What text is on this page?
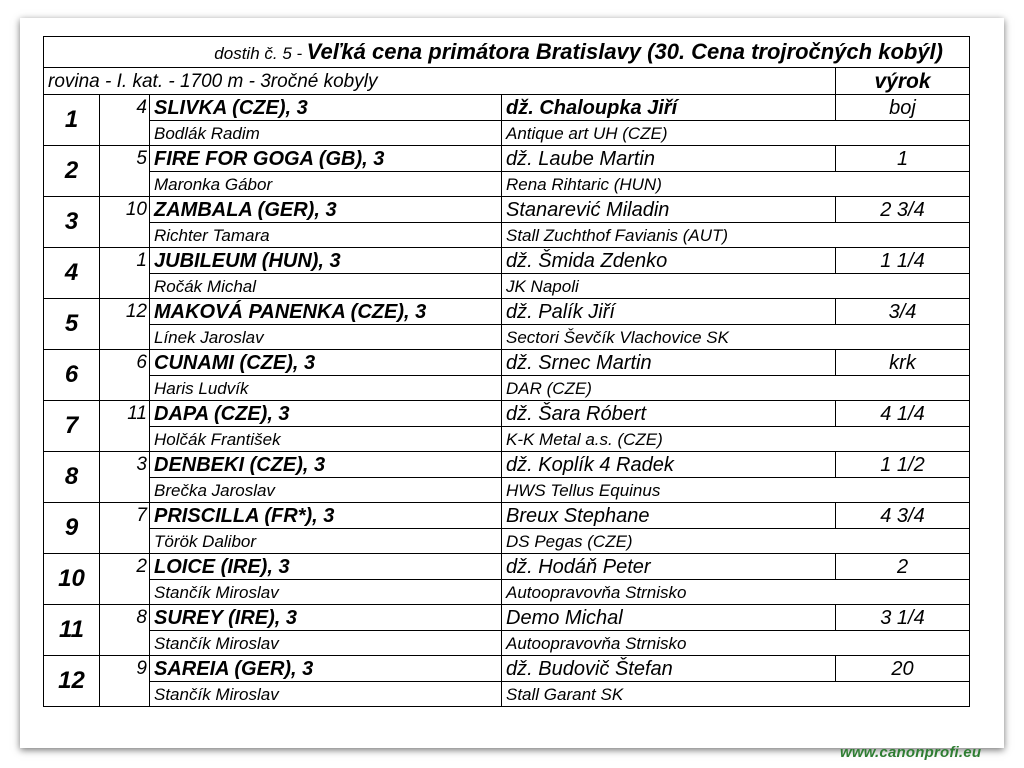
dostih č. 5 - Veľká cena primátora Bratislavy (30. Cena trojročných kobýl)				
rovina - I. kat. - 1700 m - 3ročné kobyly				výrok
1	4	SLIVKA (CZE), 3	dž. Chaloupka Jiří	boj
		Bodlák Radim	Antique art UH (CZE)	
2	5	FIRE FOR GOGA (GB), 3	dž. Laube Martin	1
		Maronka Gábor	Rena Rihtaric (HUN)	
3	10	ZAMBALA (GER), 3	Stanarević Miladin	2 3/4
		Richter Tamara	Stall Zuchthof Favianis (AUT)	
4	1	JUBILEUM (HUN), 3	dž. Šmida Zdenko	1 1/4
		Ročák Michal	JK Napoli	
5	12	MAKOVÁ PANENKA (CZE), 3	dž. Palík Jiří	3/4
		Línek Jaroslav	Sectori Ševčík Vlachovice SK	
6	6	CUNAMI (CZE), 3	dž. Srnec Martin	krk
		Haris Ludvík	DAR (CZE)	
7	11	DAPA (CZE), 3	dž. Šara Róbert	4 1/4
		Holčák František	K-K Metal a.s. (CZE)	
8	3	DENBEKI (CZE), 3	dž. Koplík 4 Radek	1 1/2
		Brečka Jaroslav	HWS Tellus Equinus	
9	7	PRISCILLA (FR*), 3	Breux Stephane	4 3/4
		Török Dalibor	DS Pegas (CZE)	
10	2	LOICE (IRE), 3	dž. Hodáň Peter	2
		Stančík Miroslav	Autoopravovňa Strnisko	
11	8	SUREY (IRE), 3	Demo Michal	3 1/4
		Stančík Miroslav	Autoopravovňa Strnisko	
12	9	SAREIA (GER), 3	dž. Budovič Štefan	20
		Stančík Miroslav	Stall Garant SK	
www.canonprofi.eu
